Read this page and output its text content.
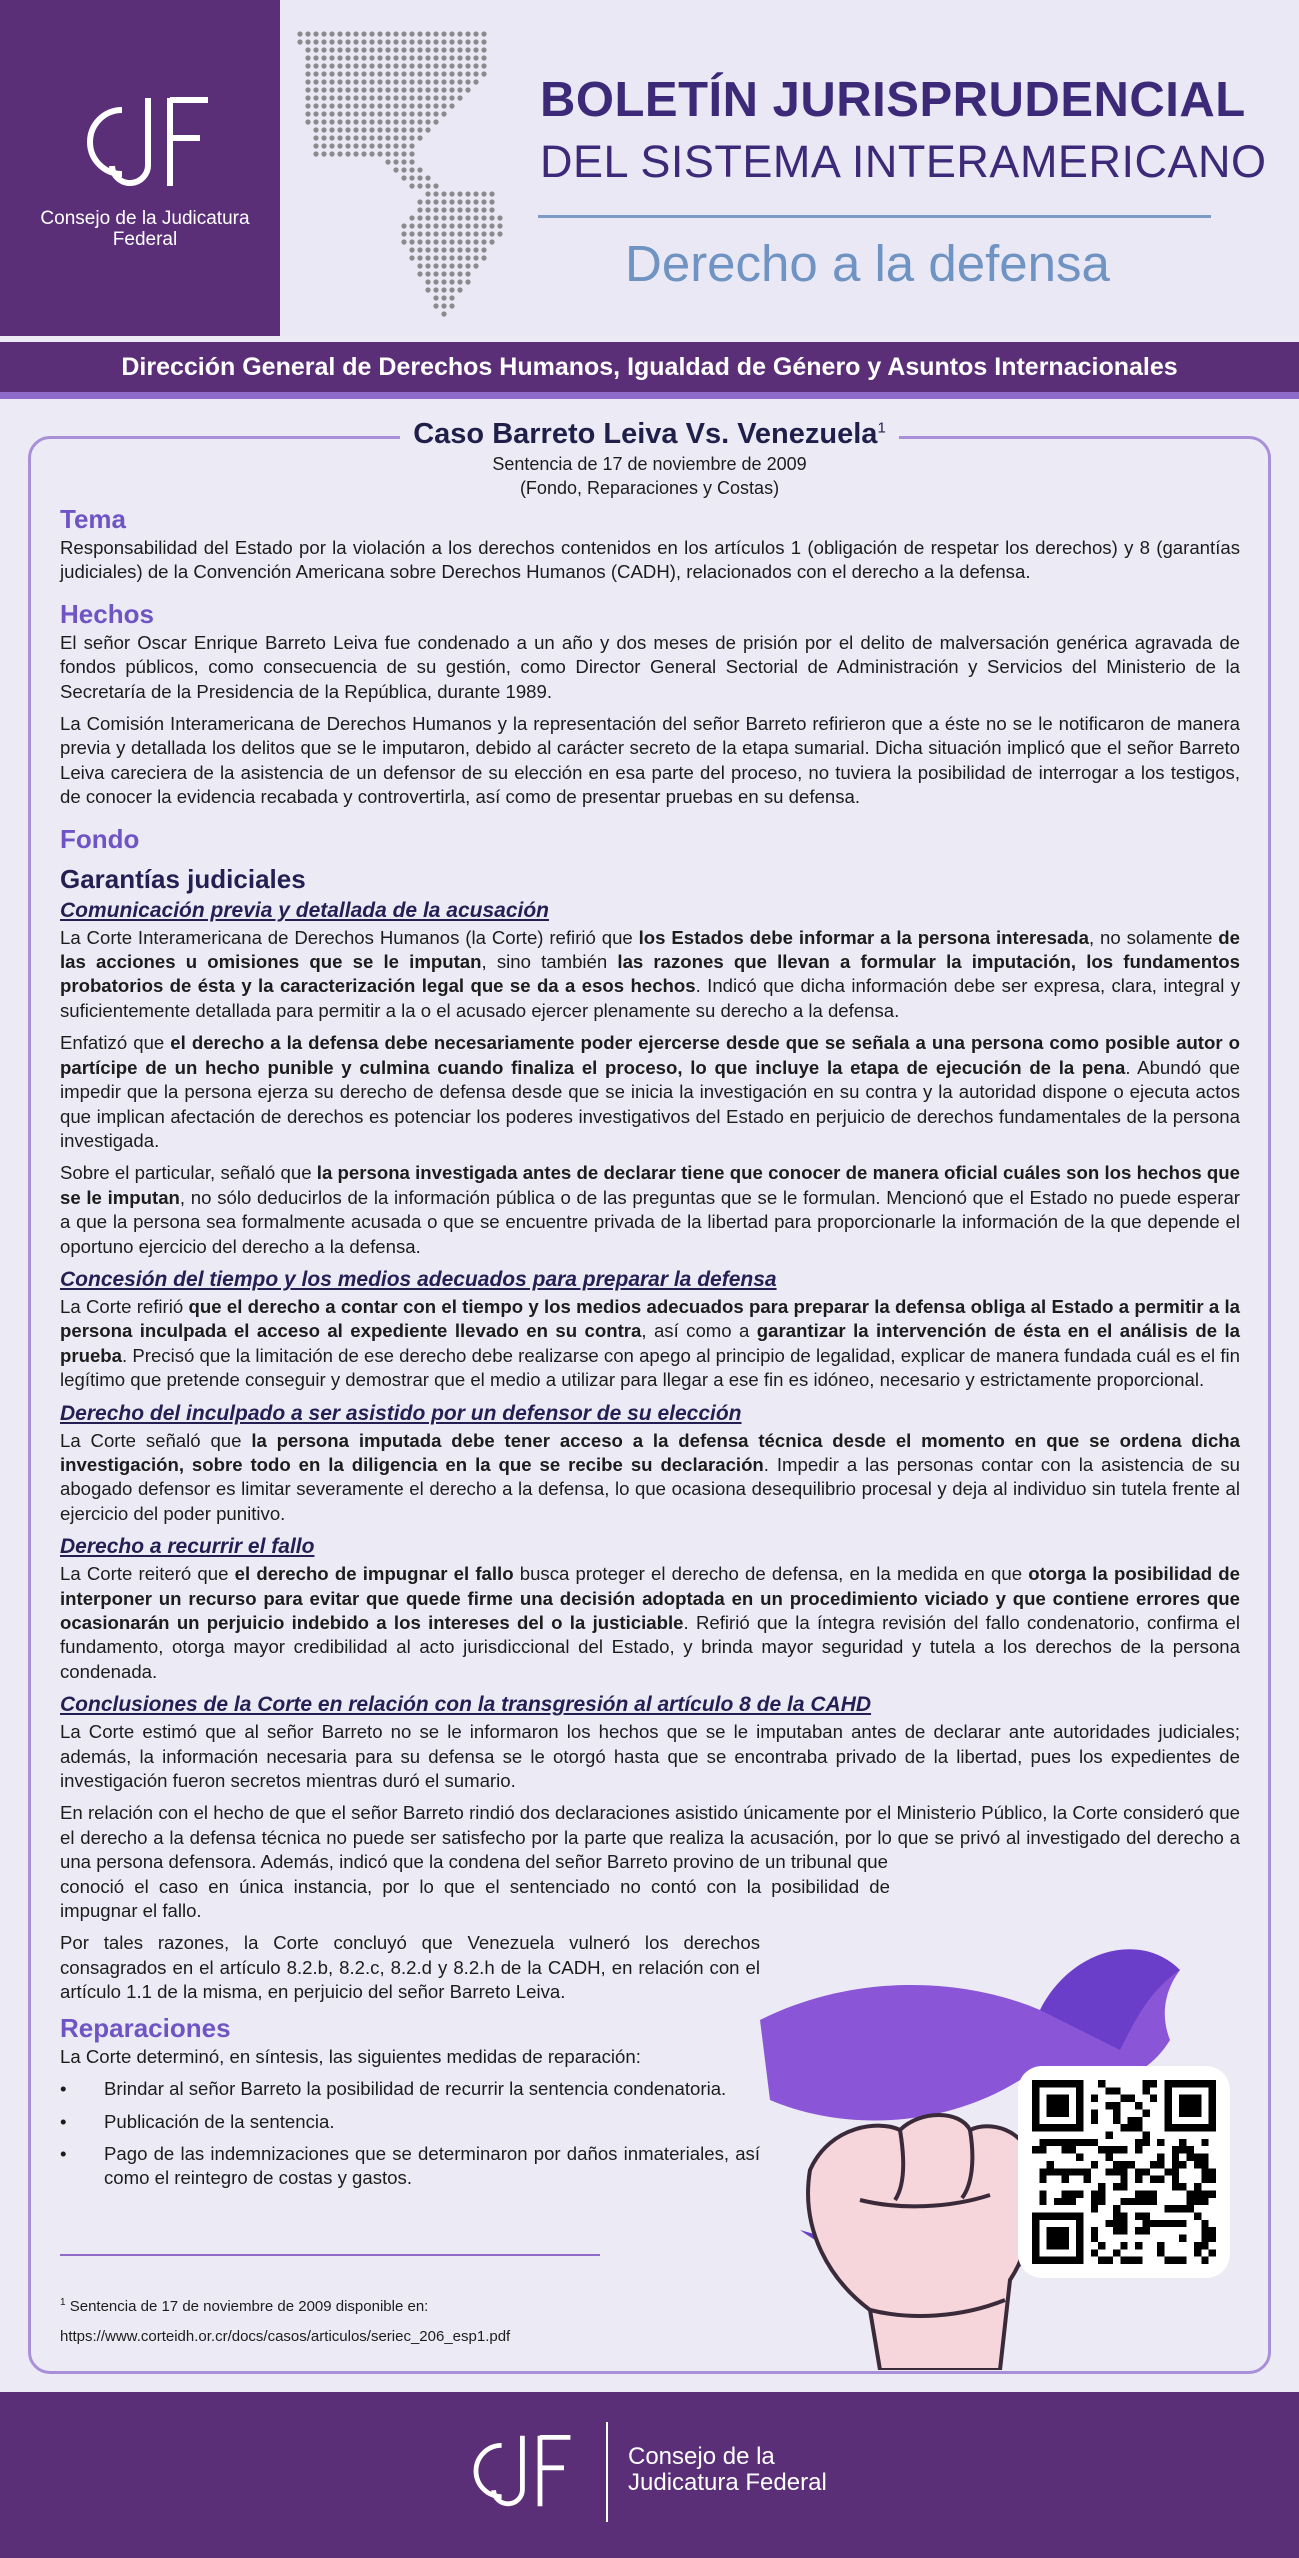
Consejo de la Judicatura Federal
BOLETÍN JURISPRUDENCIAL
DEL SISTEMA INTERAMERICANO
Derecho a la defensa
Dirección General de Derechos Humanos, Igualdad de Género y Asuntos Internacionales
Caso Barreto Leiva Vs. Venezuela$^1$
Sentencia de 17 de noviembre de 2009
(Fondo, Reparaciones y Costas)
Tema

Responsabilidad del Estado por la violación a los derechos contenidos en los artículos 1 (obligación de respetar los derechos) y 8 (garantías judiciales) de la Convención Americana sobre Derechos Humanos (CADH), relacionados con el derecho a la defensa.

Hechos

El señor Oscar Enrique Barreto Leiva fue condenado a un año y dos meses de prisión por el delito de malversación genérica agravada de fondos públicos, como consecuencia de su gestión, como Director General Sectorial de Administración y Servicios del Ministerio de la Secretaría de la Presidencia de la República, durante 1989.

La Comisión Interamericana de Derechos Humanos y la representación del señor Barreto refirieron que a éste no se le notificaron de manera previa y detallada los delitos que se le imputaron, debido al carácter secreto de la etapa sumarial. Dicha situación implicó que el señor Barreto Leiva careciera de la asistencia de un defensor de su elección en esa parte del proceso, no tuviera la posibilidad de interrogar a los testigos, de conocer la evidencia recabada y controvertirla, así como de presentar pruebas en su defensa.

Fondo
Garantías judiciales
Comunicación previa y detallada de la acusación

La Corte Interamericana de Derechos Humanos (la Corte) refirió que los Estados debe informar a la persona interesada, no solamente de las acciones u omisiones que se le imputan, sino también las razones que llevan a formular la imputación, los fundamentos probatorios de ésta y la caracterización legal que se da a esos hechos. Indicó que dicha información debe ser expresa, clara, integral y suficientemente detallada para permitir a la o el acusado ejercer plenamente su derecho a la defensa.

Enfatizó que el derecho a la defensa debe necesariamente poder ejercerse desde que se señala a una persona como posible autor o partícipe de un hecho punible y culmina cuando finaliza el proceso, lo que incluye la etapa de ejecución de la pena. Abundó que impedir que la persona ejerza su derecho de defensa desde que se inicia la investigación en su contra y la autoridad dispone o ejecuta actos que implican afectación de derechos es potenciar los poderes investigativos del Estado en perjuicio de derechos fundamentales de la persona investigada.

Sobre el particular, señaló que la persona investigada antes de declarar tiene que conocer de manera oficial cuáles son los hechos que se le imputan, no sólo deducirlos de la información pública o de las preguntas que se le formulan. Mencionó que el Estado no puede esperar a que la persona sea formalmente acusada o que se encuentre privada de la libertad para proporcionarle la información de la que depende el oportuno ejercicio del derecho a la defensa.

Concesión del tiempo y los medios adecuados para preparar la defensa

La Corte refirió que el derecho a contar con el tiempo y los medios adecuados para preparar la defensa obliga al Estado a permitir a la persona inculpada el acceso al expediente llevado en su contra, así como a garantizar la intervención de ésta en el análisis de la prueba. Precisó que la limitación de ese derecho debe realizarse con apego al principio de legalidad, explicar de manera fundada cuál es el fin legítimo que pretende conseguir y demostrar que el medio a utilizar para llegar a ese fin es idóneo, necesario y estrictamente proporcional.

Derecho del inculpado a ser asistido por un defensor de su elección

La Corte señaló que la persona imputada debe tener acceso a la defensa técnica desde el momento en que se ordena dicha investigación, sobre todo en la diligencia en la que se recibe su declaración. Impedir a las personas contar con la asistencia de su abogado defensor es limitar severamente el derecho a la defensa, lo que ocasiona desequilibrio procesal y deja al individuo sin tutela frente al ejercicio del poder punitivo.

Derecho a recurrir el fallo

La Corte reiteró que el derecho de impugnar el fallo busca proteger el derecho de defensa, en la medida en que otorga la posibilidad de interponer un recurso para evitar que quede firme una decisión adoptada en un procedimiento viciado y que contiene errores que ocasionarán un perjuicio indebido a los intereses del o la justiciable. Refirió que la íntegra revisión del fallo condenatorio, confirma el fundamento, otorga mayor credibilidad al acto jurisdiccional del Estado, y brinda mayor seguridad y tutela a los derechos de la persona condenada.

Conclusiones de la Corte en relación con la transgresión al artículo 8 de la CAHD

La Corte estimó que al señor Barreto no se le informaron los hechos que se le imputaban antes de declarar ante autoridades judiciales; además, la información necesaria para su defensa se le otorgó hasta que se encontraba privado de la libertad, pues los expedientes de investigación fueron secretos mientras duró el sumario.

En relación con el hecho de que el señor Barreto rindió dos declaraciones asistido únicamente por el Ministerio Público, la Corte consideró que el derecho a la defensa técnica no puede ser satisfecho por la parte que realiza la acusación, por lo que se privó al investigado del derecho a una persona defensora. Además, indicó que la condena del señor Barreto provino de un tribunal que

conoció el caso en única instancia, por lo que el sentenciado no contó con la posibilidad de impugnar el fallo.

Por tales razones, la Corte concluyó que Venezuela vulneró los derechos consagrados en el artículo 8.2.b, 8.2.c, 8.2.d y 8.2.h de la CADH, en relación con el artículo 1.1 de la misma, en perjuicio del señor Barreto Leiva.

Reparaciones

La Corte determinó, en síntesis, las siguientes medidas de reparación:

• Brindar al señor Barreto la posibilidad de recurrir la sentencia condenatoria.
• Publicación de la sentencia.
• Pago de las indemnizaciones que se determinaron por daños inmateriales, así como el reintegro de costas y gastos.
$^1$ Sentencia de 17 de noviembre de 2009 disponible en:
https://www.corteidh.or.cr/docs/casos/articulos/seriec_206_esp1.pdf
Consejo de la
Judicatura Federal
